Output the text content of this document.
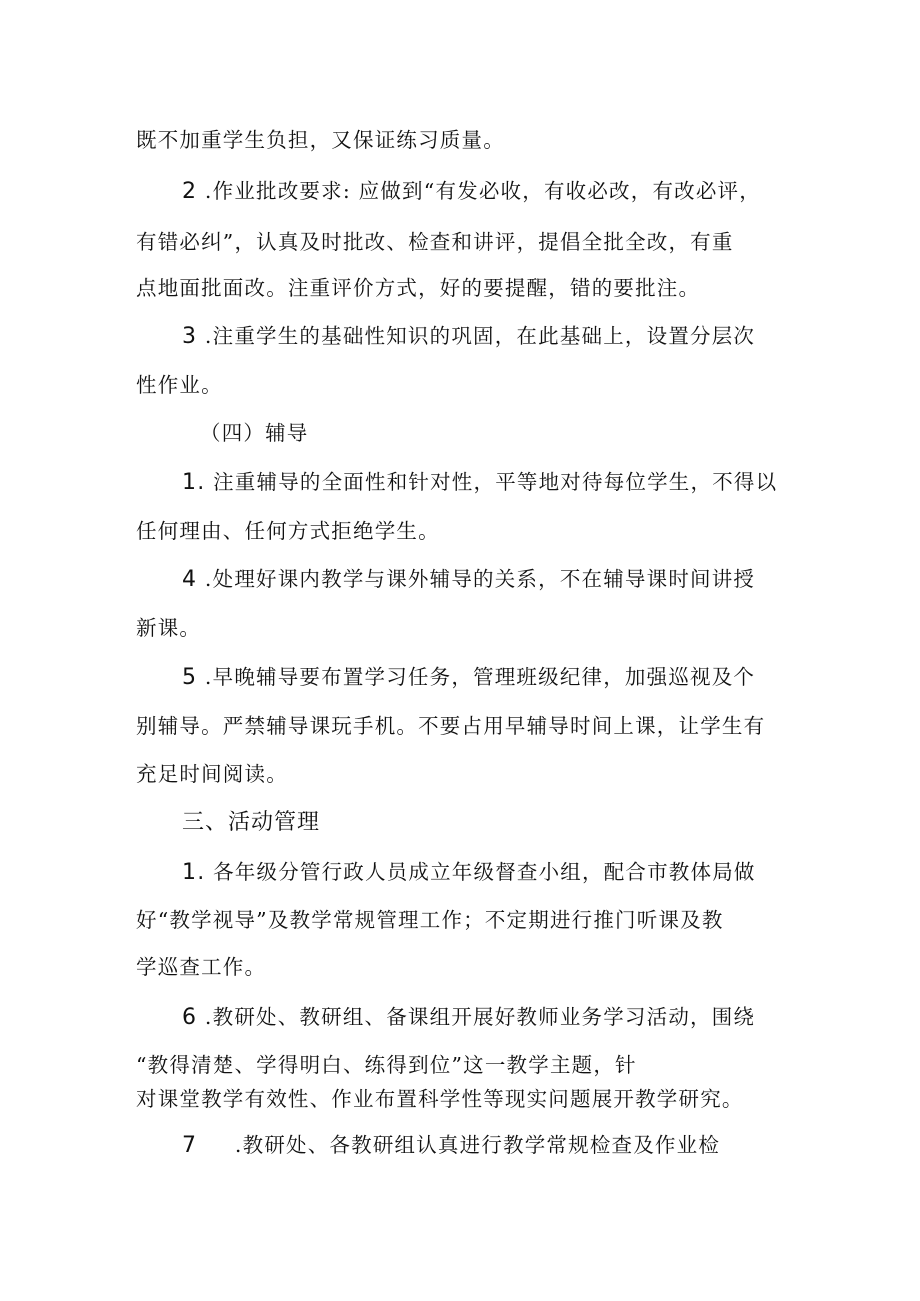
既不加重学生负担，又保证练习质量。
2 .作业批改要求: 应做到“有发必收，有收必改，有改必评，
有错必纠”，认真及时批改、检查和讲评，提倡全批全改，有重
点地面批面改。注重评价方式，好的要提醒，错的要批注。
3 .注重学生的基础性知识的巩固，在此基础上，设置分层次
性作业。
（四）辅导
1. 注重辅导的全面性和针对性，平等地对待每位学生，不得以
任何理由、任何方式拒绝学生。
4 .处理好课内教学与课外辅导的关系，不在辅导课时间讲授
新课。
5 .早晚辅导要布置学习任务，管理班级纪律，加强巡视及个
别辅导。严禁辅导课玩手机。不要占用早辅导时间上课，让学生有
充足时间阅读。
三、活动管理
1. 各年级分管行政人员成立年级督查小组，配合市教体局做
好“教学视导”及教学常规管理工作；不定期进行推门听课及教
学巡查工作。
6 .教研处、教研组、备课组开展好教师业务学习活动，围绕
“教得清楚、学得明白、练得到位”这一教学主题，针
对课堂教学有效性、作业布置科学性等现实问题展开教学研究。
7 .教研处、各教研组认真进行教学常规检查及作业检
